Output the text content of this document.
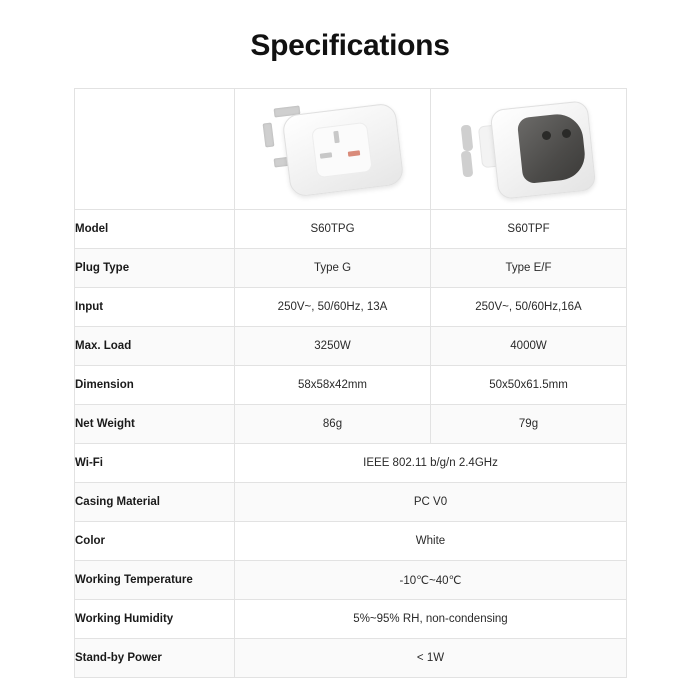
Specifications

Model	S60TPG	S60TPF
Plug Type	Type G	Type E/F
Input	250V~, 50/60Hz, 13A	250V~, 50/60Hz,16A
Max. Load	3250W	4000W
Dimension	58x58x42mm	50x50x61.5mm
Net Weight	86g	79g
Wi-Fi	IEEE 802.11 b/g/n 2.4GHz	
Casing Material	PC V0	
Color	White	
Working Temperature	-10℃~40℃	
Working Humidity	5%~95% RH, non-condensing	
Stand-by Power	< 1W	
